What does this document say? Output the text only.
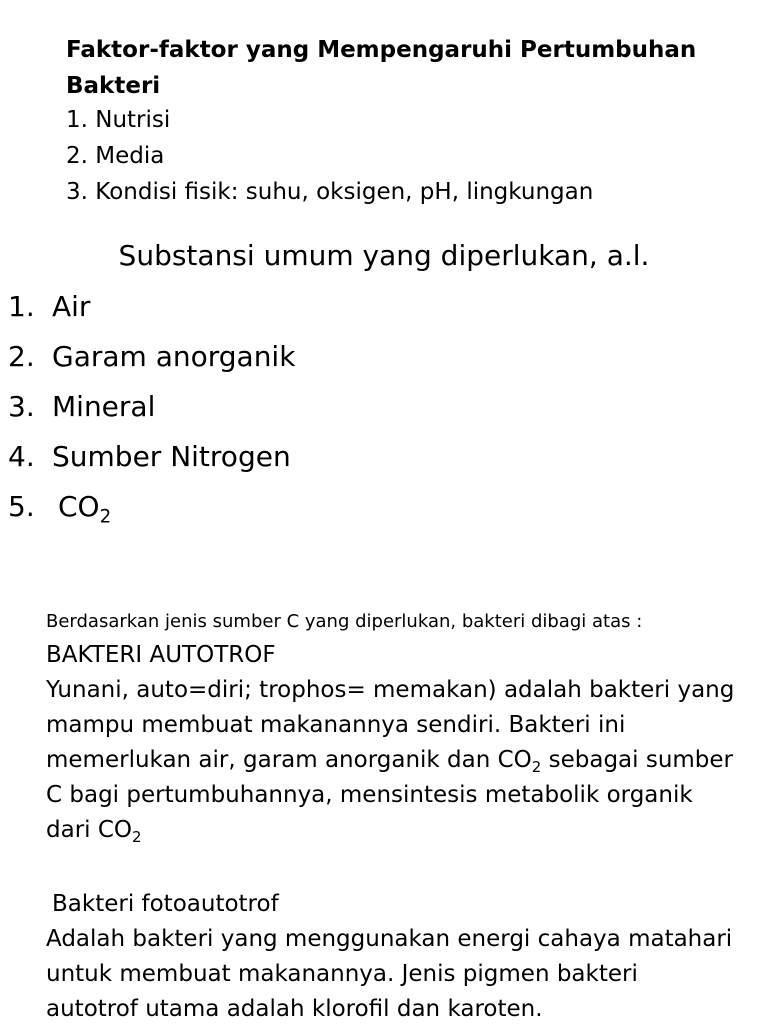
Faktor-faktor yang Mempengaruhi Pertumbuhan Bakteri
1. Nutrisi
2. Media
3. Kondisi fisik: suhu, oksigen, pH, lingkungan
Substansi umum yang diperlukan, a.l.
1. Air
2. Garam anorganik
3. Mineral
4. Sumber Nitrogen
5. $CO_2$

Berdasarkan jenis sumber C yang diperlukan, bakteri dibagi atas :

BAKTERI AUTOTROF

Yunani, auto=diri; trophos= memakan) adalah bakteri yang mampu membuat makanannya sendiri. Bakteri ini memerlukan air, garam anorganik dan $CO_2$ sebagai sumber C bagi pertumbuhannya, mensintesis metabolik organik dari $CO_2$

Bakteri fotoautotrof

Adalah bakteri yang menggunakan energi cahaya matahari untuk membuat makanannya. Jenis pigmen bakteri autotrof utama adalah klorofil dan karoten.
